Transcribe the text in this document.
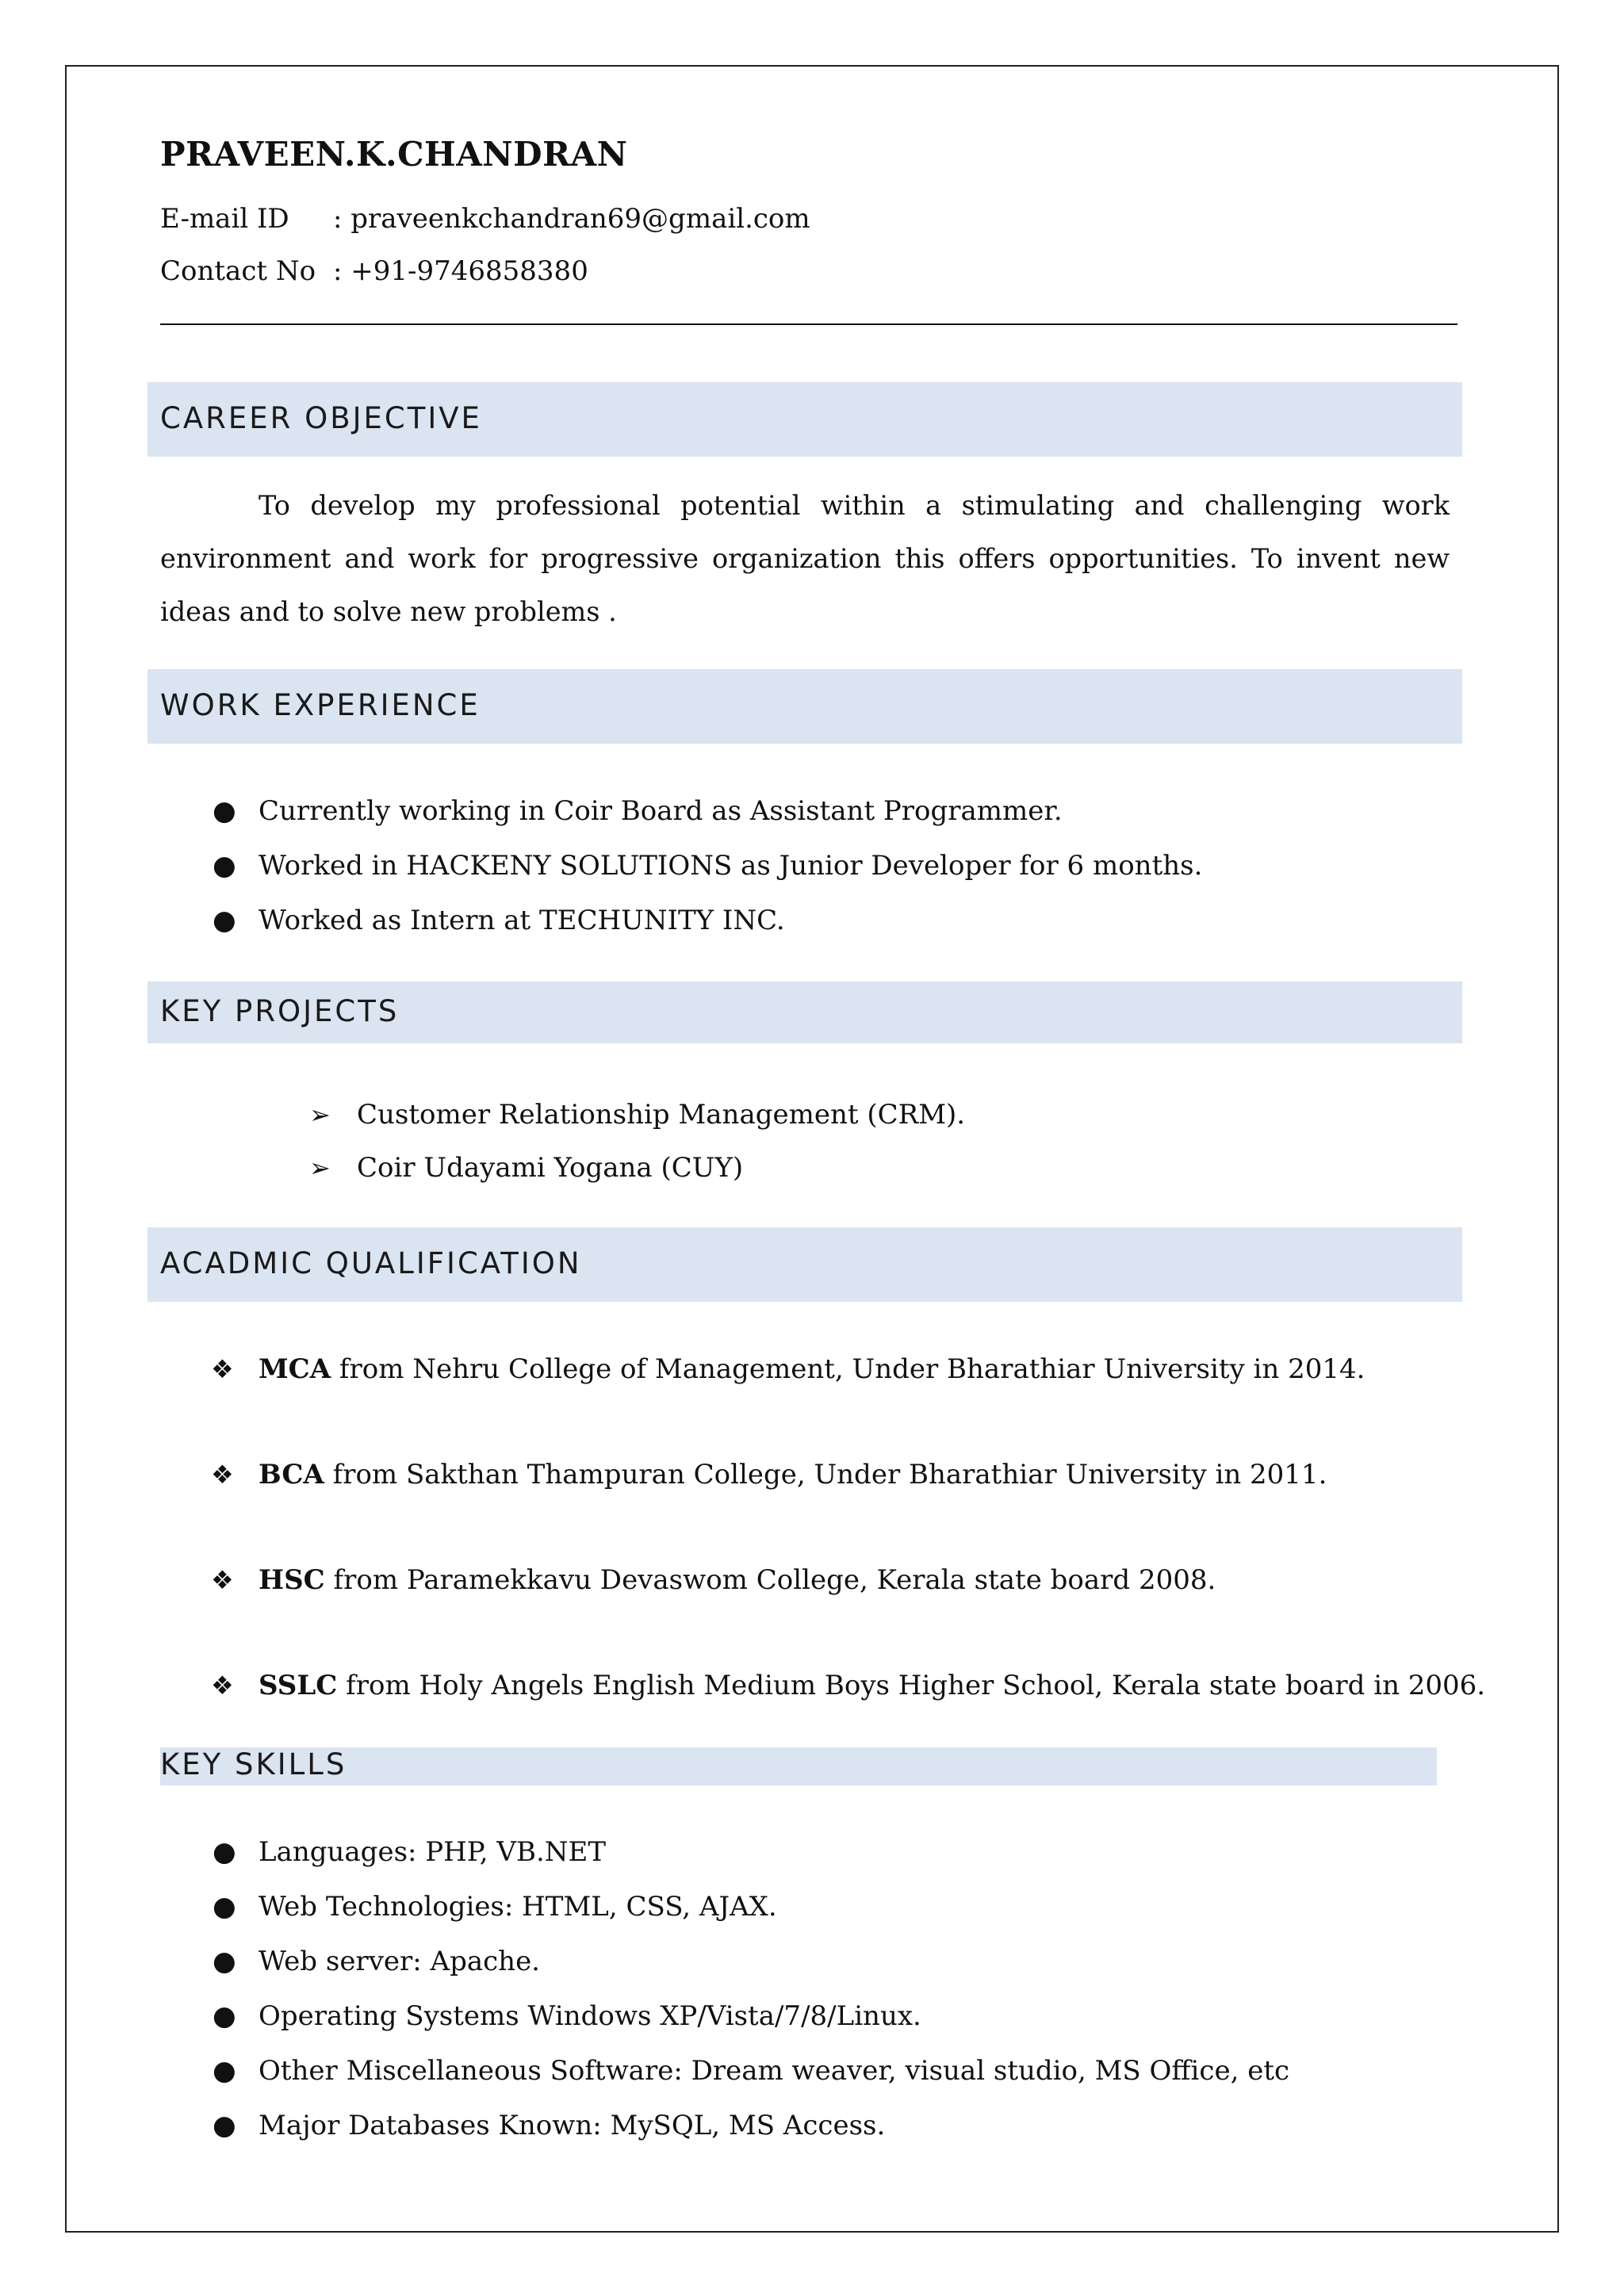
PRAVEEN.K.CHANDRAN
E-mail ID : praveenkchandran69@gmail.com
Contact No : +91-9746858380
CAREER OBJECTIVE
To develop my professional potential within a stimulating and challenging work environment and work for progressive organization this offers opportunities. To invent new ideas and to solve new problems .
WORK EXPERIENCE
● Currently working in Coir Board as Assistant Programmer.
● Worked in HACKENY SOLUTIONS as Junior Developer for 6 months.
● Worked as Intern at TECHUNITY INC.
KEY PROJECTS
➢ Customer Relationship Management (CRM).
➢ Coir Udayami Yogana (CUY)
ACADMIC QUALIFICATION
❖ MCA from Nehru College of Management, Under Bharathiar University in 2014.
❖ BCA from Sakthan Thampuran College, Under Bharathiar University in 2011.
❖ HSC from Paramekkavu Devaswom College, Kerala state board 2008.
❖ SSLC from Holy Angels English Medium Boys Higher School, Kerala state board in 2006.
KEY SKILLS
● Languages: PHP, VB.NET
● Web Technologies: HTML, CSS, AJAX.
● Web server: Apache.
● Operating Systems Windows XP/Vista/7/8/Linux.
● Other Miscellaneous Software: Dream weaver, visual studio, MS Office, etc
● Major Databases Known: MySQL, MS Access.
